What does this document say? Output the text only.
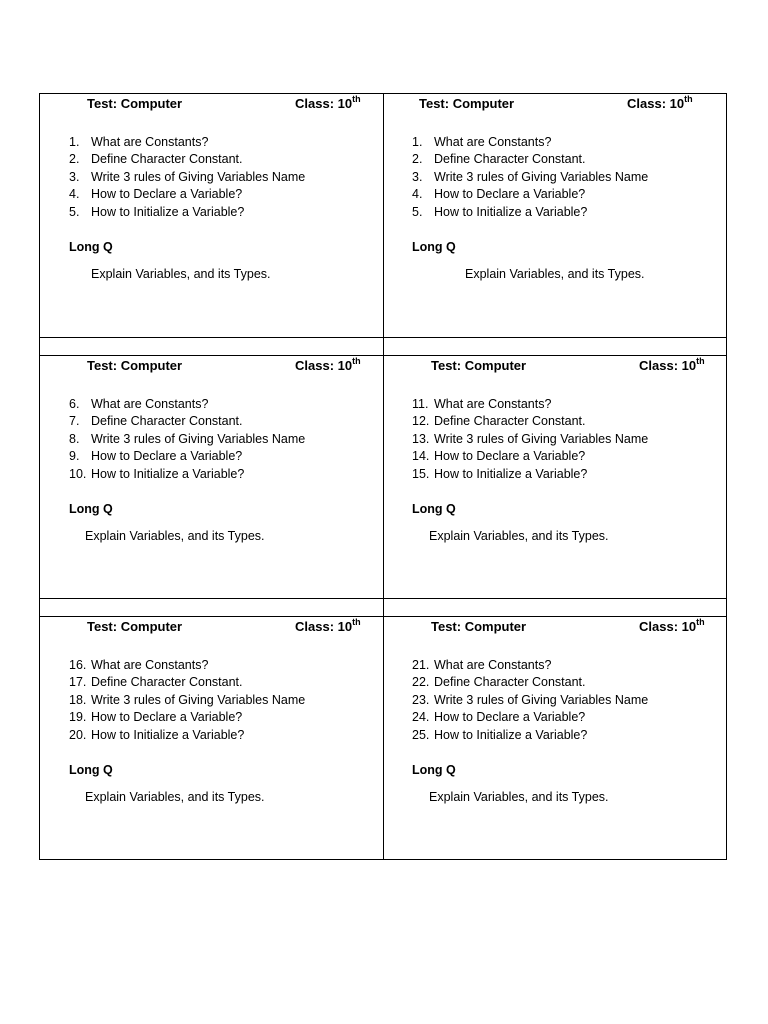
Test: Computer	Class: 10th
1. What are Constants?
2. Define Character Constant.
3. Write 3 rules of Giving Variables Name
4. How to Declare a Variable?
5. How to Initialize a Variable?
Long Q
Explain Variables, and its Types.
Test: Computer	Class: 10th
1. What are Constants?
2. Define Character Constant.
3. Write 3 rules of Giving Variables Name
4. How to Declare a Variable?
5. How to Initialize a Variable?
Long Q
Explain Variables, and its Types.
Test: Computer	Class: 10th
6. What are Constants?
7. Define Character Constant.
8. Write 3 rules of Giving Variables Name
9. How to Declare a Variable?
10. How to Initialize a Variable?
Long Q
Explain Variables, and its Types.
Test: Computer	Class: 10th
11. What are Constants?
12. Define Character Constant.
13. Write 3 rules of Giving Variables Name
14. How to Declare a Variable?
15. How to Initialize a Variable?
Long Q
Explain Variables, and its Types.
Test: Computer	Class: 10th
16. What are Constants?
17. Define Character Constant.
18. Write 3 rules of Giving Variables Name
19. How to Declare a Variable?
20. How to Initialize a Variable?
Long Q
Explain Variables, and its Types.
Test: Computer	Class: 10th
21. What are Constants?
22. Define Character Constant.
23. Write 3 rules of Giving Variables Name
24. How to Declare a Variable?
25. How to Initialize a Variable?
Long Q
Explain Variables, and its Types.
